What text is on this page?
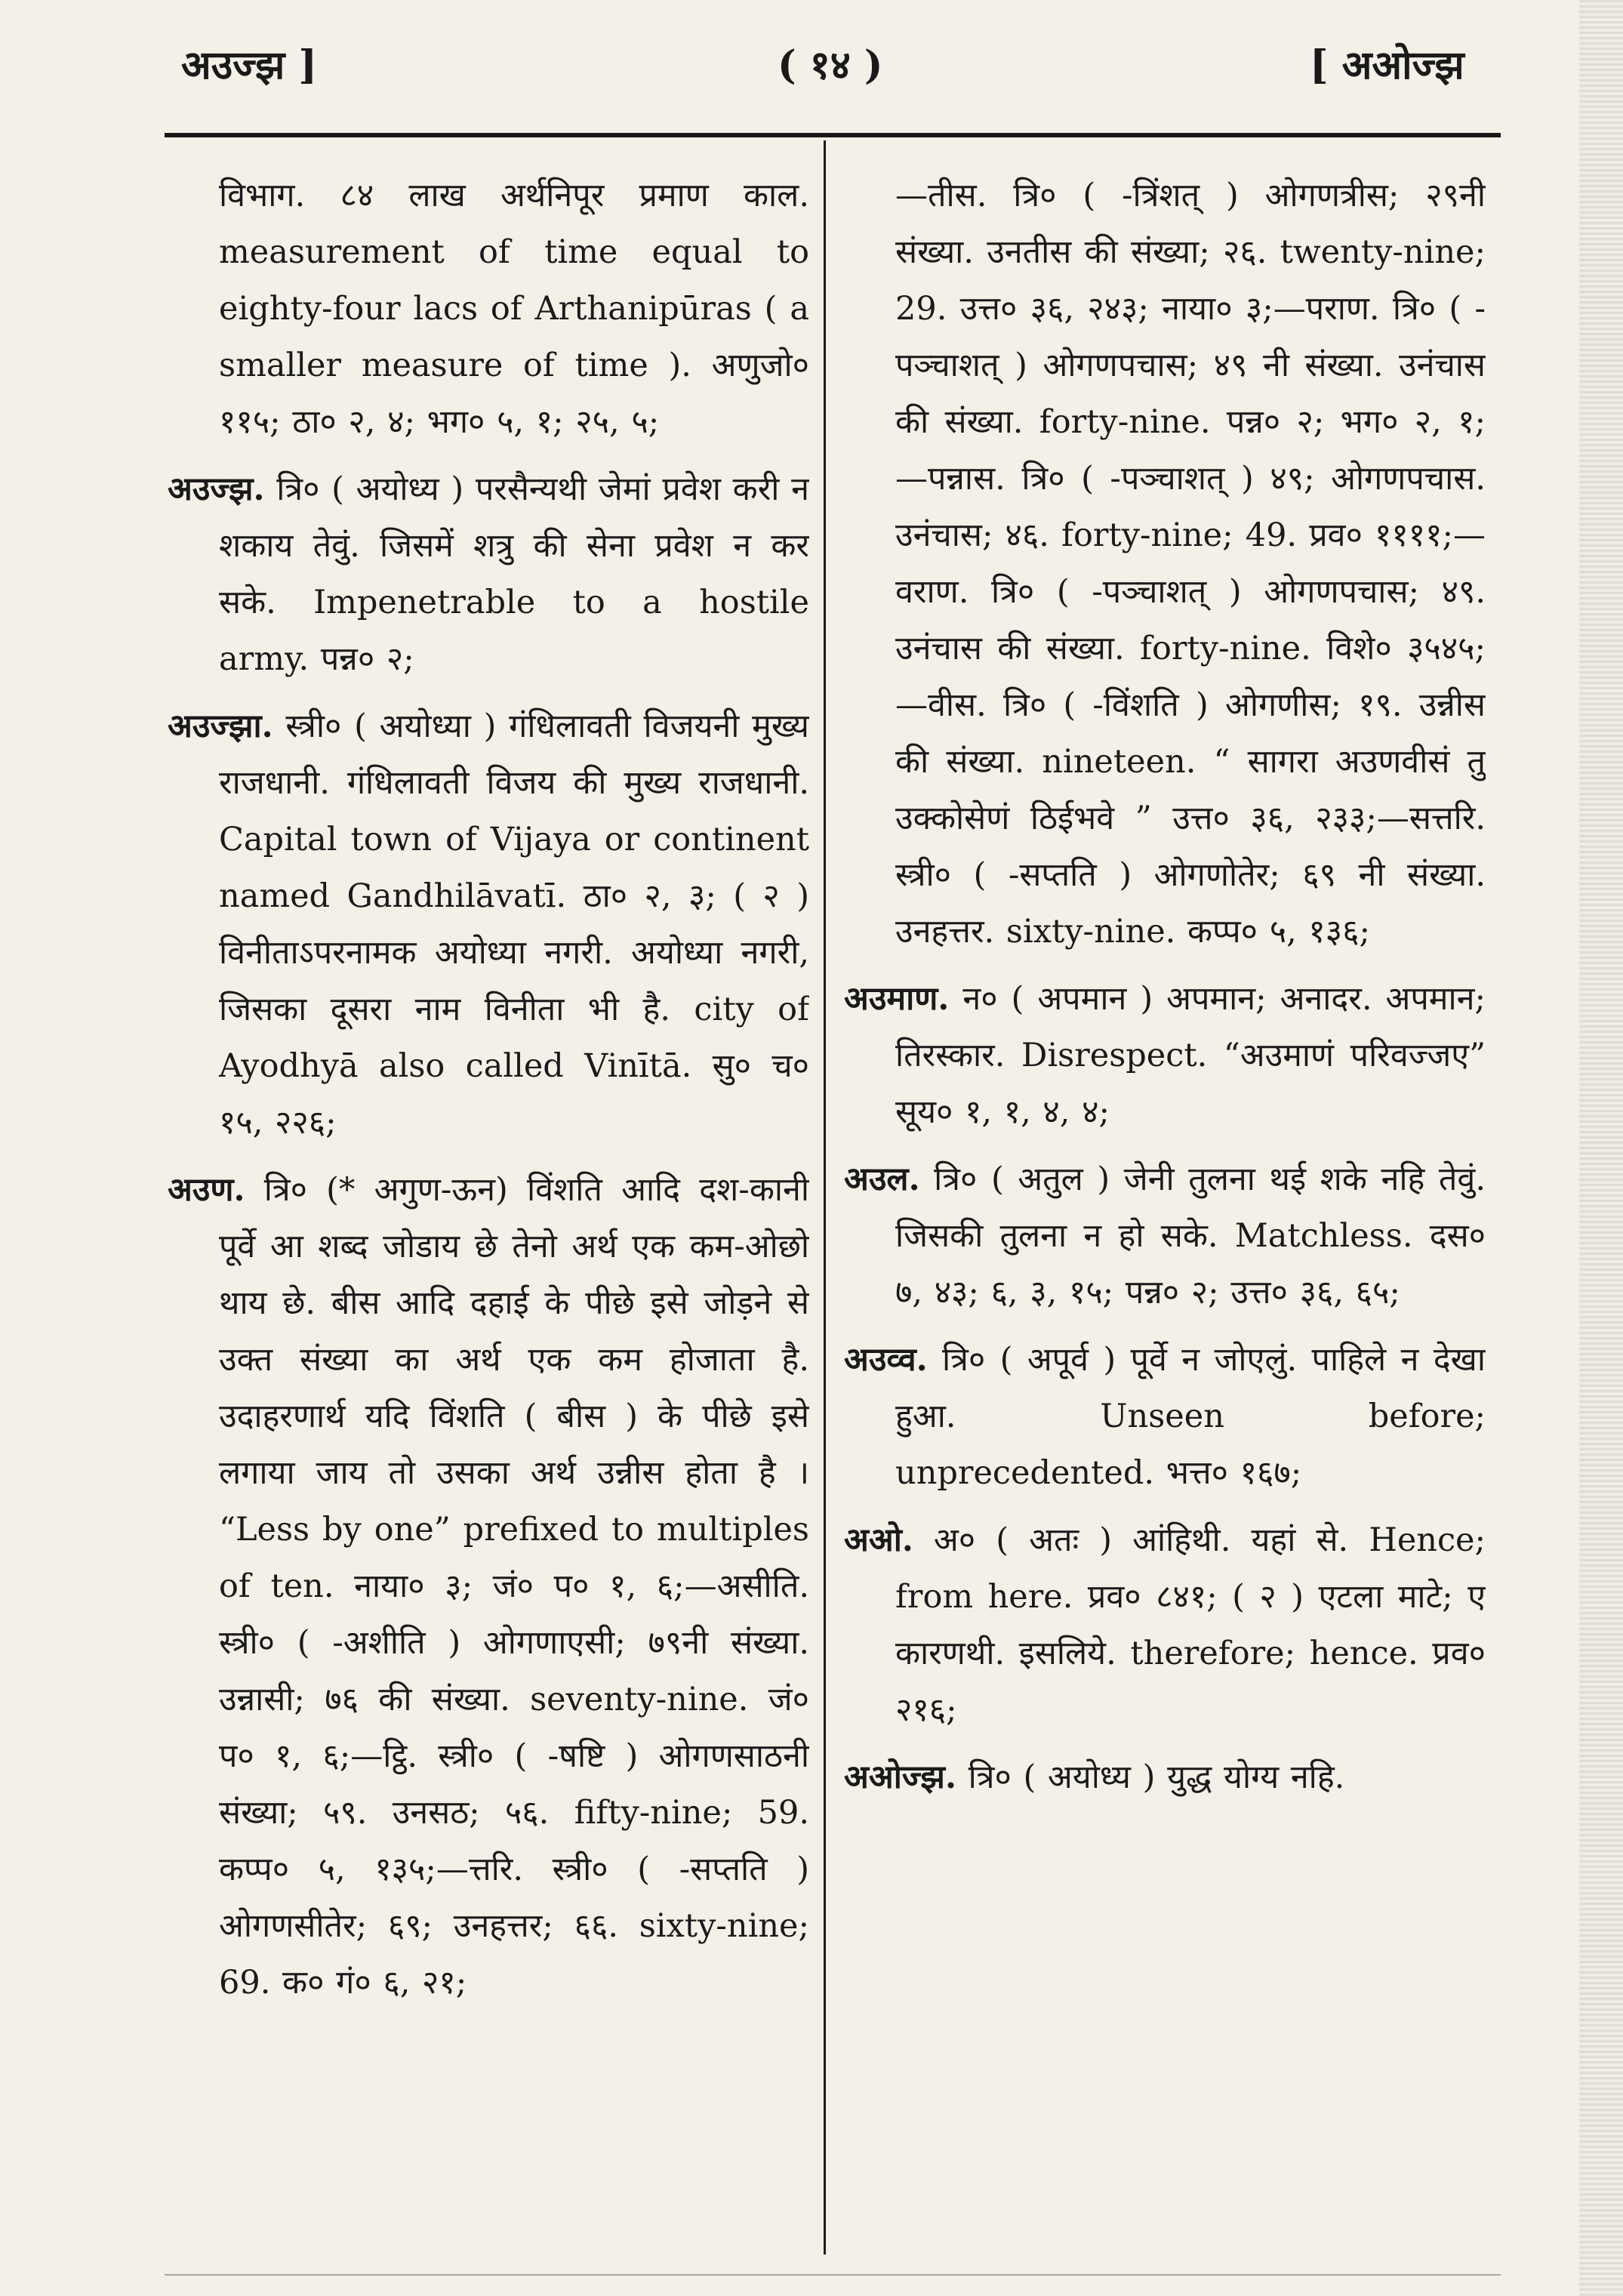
अउज्झ ]	( १४ )	[ अओज्झ

विभाग. ८४ लाख अर्थनिपूर प्रमाण काल. measurement of time equal to eighty-four lacs of Arthanipūras ( a smaller measure of time ). अणुजो० ११५; ठा० २, ४; भग० ५, १; २५, ५;

अउज्झ. त्रि० ( अयोध्य ) परसैन्यथी जेमां प्रवेश करी न शकाय तेवुं. जिसमें शत्रु की सेना प्रवेश न कर सके. Impenetrable to a hostile army. पन्न० २;

अउज्झा. स्त्री० ( अयोध्या ) गंधिलावती विजयनी मुख्य राजधानी. गंधिलावती विजय की मुख्य राजधानी. Capital town of Vijaya or continent named Gandhilāvatī. ठा० २, ३; ( २ ) विनीताऽपरनामक अयोध्या नगरी. अयोध्या नगरी, जिसका दूसरा नाम विनीता भी है. city of Ayodhyā also called Vinītā. सु० च० १५, २२६;

अउण. त्रि० (* अगुण-ऊन) विंशति आदि दश-कानी पूर्वे आ शब्द जोडाय छे तेनो अर्थ एक कम-ओछो थाय छे. बीस आदि दहाई के पीछे इसे जोड़ने से उक्त संख्या का अर्थ एक कम होजाता है. उदाहरणार्थ यदि विंशति ( बीस ) के पीछे इसे लगाया जाय तो उसका अर्थ उन्नीस होता है । “Less by one” prefixed to multiples of ten. नाया० ३; जं० प० १, ६;—असीति. स्त्री० ( -अशीति ) ओगणाएसी; ७९नी संख्या. उन्नासी; ७६ की संख्या. seventy-nine. जं० प० १, ६;—ट्ठि. स्त्री० ( -षष्टि ) ओगणसाठनी संख्या; ५९. उनसठ; ५६. fifty-nine; 59. कप्प० ५, १३५;—त्तरि. स्त्री० ( -सप्तति ) ओगणसीतेर; ६९; उनहत्तर; ६६. sixty-nine; 69. क० गं० ६, २१;

—तीस. त्रि० ( -त्रिंशत् ) ओगणत्रीस; २९नी संख्या. उनतीस की संख्या; २६. twenty-nine; 29. उत्त० ३६, २४३; नाया० ३;—पराण. त्रि० ( -पञ्चाशत् ) ओगणपचास; ४९ नी संख्या. उनंचास की संख्या. forty-nine. पन्न० २; भग० २, १;—पन्नास. त्रि० ( -पञ्चाशत् ) ४९; ओगणपचास. उनंचास; ४६. forty-nine; 49. प्रव० ११११;—वराण. त्रि० ( -पञ्चाशत् ) ओगणपचास; ४९. उनंचास की संख्या. forty-nine. विशे० ३५४५;—वीस. त्रि० ( -विंशति ) ओगणीस; १९. उन्नीस की संख्या. nineteen. “ सागरा अउणवीसं तु उक्कोसेणं ठिईभवे ” उत्त० ३६, २३३;—सत्तरि. स्त्री० ( -सप्तति ) ओगणोतेर; ६९ नी संख्या. उनहत्तर. sixty-nine. कप्प० ५, १३६;

अउमाण. न० ( अपमान ) अपमान; अनादर. अपमान; तिरस्कार. Disrespect. “अउमाणं परिवज्जए” सूय० १, १, ४, ४;

अउल. त्रि० ( अतुल ) जेनी तुलना थई शके नहि तेवुं. जिसकी तुलना न हो सके. Matchless. दस० ७, ४३; ६, ३, १५; पन्न० २; उत्त० ३६, ६५;

अउव्व. त्रि० ( अपूर्व ) पूर्वे न जोएलुं. पाहिले न देखा हुआ. Unseen before; unprecedented. भत्त० १६७;

अओ. अ० ( अतः ) आंहिथी. यहां से. Hence; from here. प्रव० ८४१; ( २ ) एटला माटे; ए कारणथी. इसलिये. therefore; hence. प्रव० २१६;

अओज्झ. त्रि० ( अयोध्य ) युद्ध योग्य नहि.
